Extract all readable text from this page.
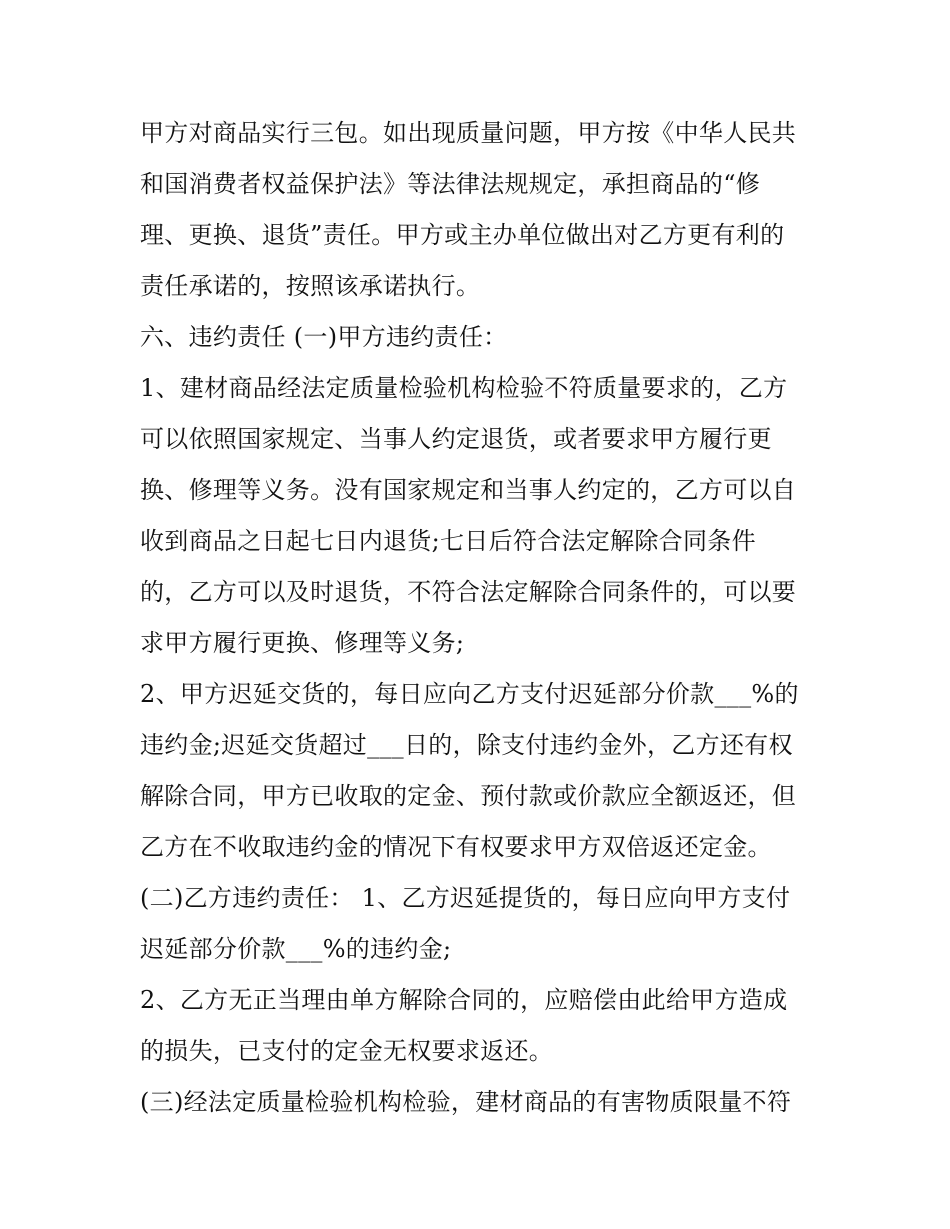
甲方对商品实行三包。如出现质量问题，甲方按《中华人民共
和国消费者权益保护法》等法律法规规定，承担商品的“修
理、更换、退货”责任。甲方或主办单位做出对乙方更有利的
责任承诺的，按照该承诺执行。
六、违约责任 (一)甲方违约责任：
1、建材商品经法定质量检验机构检验不符质量要求的，乙方
可以依照国家规定、当事人约定退货，或者要求甲方履行更
换、修理等义务。没有国家规定和当事人约定的，乙方可以自
收到商品之日起七日内退货;七日后符合法定解除合同条件
的，乙方可以及时退货，不符合法定解除合同条件的，可以要
求甲方履行更换、修理等义务;
2、甲方迟延交货的，每日应向乙方支付迟延部分价款___%的
违约金;迟延交货超过___日的，除支付违约金外，乙方还有权
解除合同，甲方已收取的定金、预付款或价款应全额返还，但
乙方在不收取违约金的情况下有权要求甲方双倍返还定金。
(二)乙方违约责任： 1、乙方迟延提货的，每日应向甲方支付
迟延部分价款___%的违约金;
2、乙方无正当理由单方解除合同的，应赔偿由此给甲方造成
的损失，已支付的定金无权要求返还。
(三)经法定质量检验机构检验，建材商品的有害物质限量不符
